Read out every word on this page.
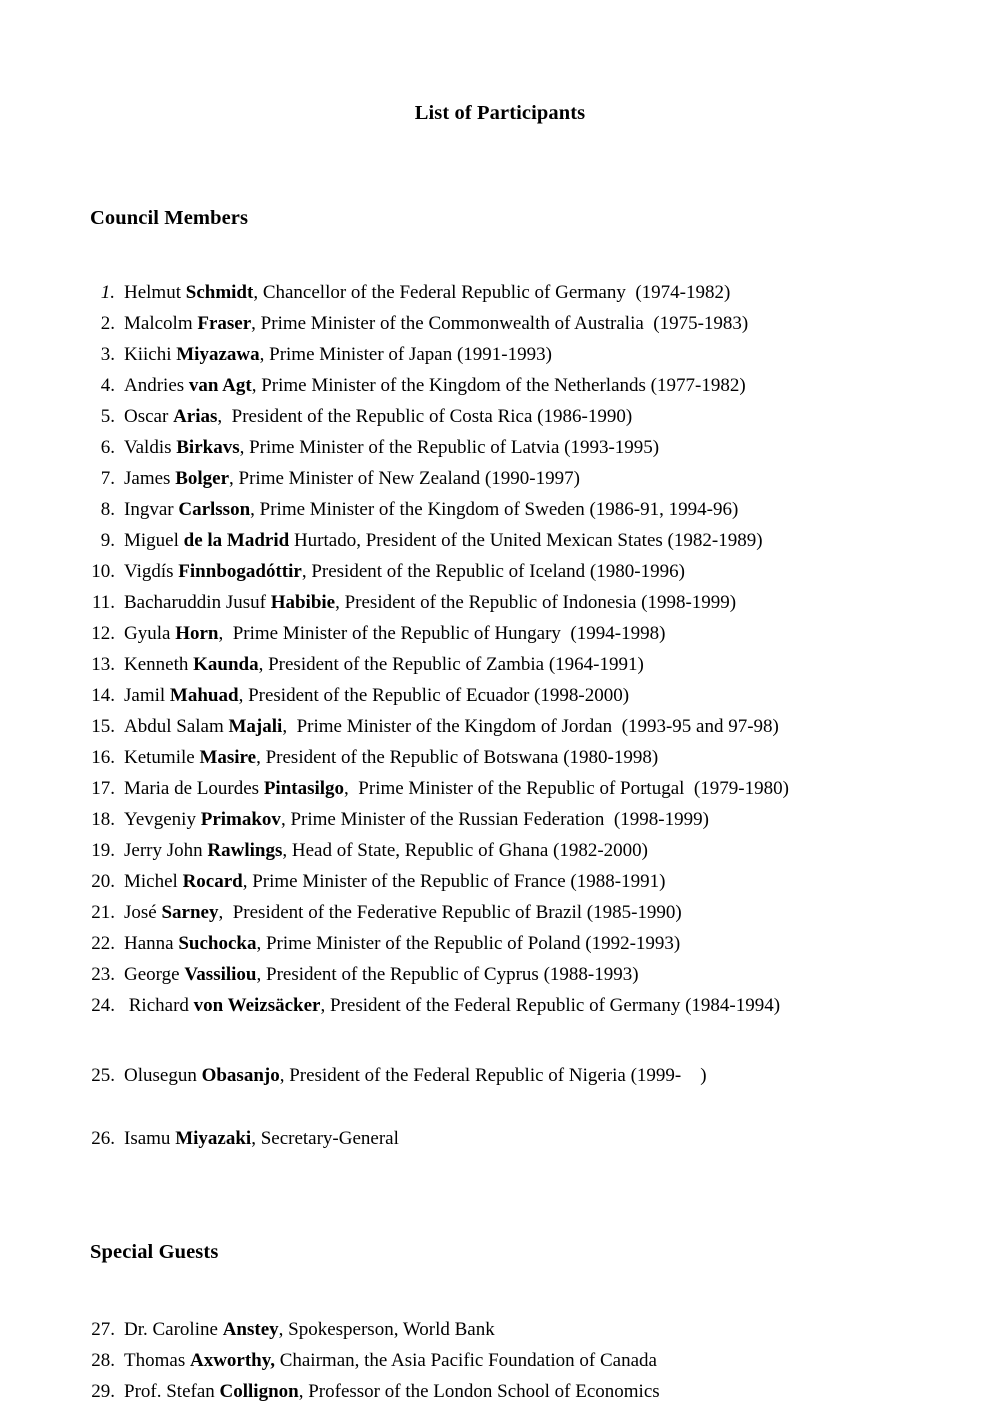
List of Participants
Council Members
1. Helmut Schmidt, Chancellor of the Federal Republic of Germany  (1974-1982)
2. Malcolm Fraser, Prime Minister of the Commonwealth of Australia  (1975-1983)
3. Kiichi Miyazawa, Prime Minister of Japan (1991-1993)
4. Andries van Agt, Prime Minister of the Kingdom of the Netherlands (1977-1982)
5. Oscar Arias,  President of the Republic of Costa Rica (1986-1990)
6. Valdis Birkavs, Prime Minister of the Republic of Latvia (1993-1995)
7. James Bolger, Prime Minister of New Zealand (1990-1997)
8. Ingvar Carlsson, Prime Minister of the Kingdom of Sweden (1986-91, 1994-96)
9. Miguel de la Madrid Hurtado, President of the United Mexican States (1982-1989)
10. Vigdís Finnbogadóttir, President of the Republic of Iceland (1980-1996)
11. Bacharuddin Jusuf Habibie, President of the Republic of Indonesia (1998-1999)
12. Gyula Horn,  Prime Minister of the Republic of Hungary  (1994-1998)
13. Kenneth Kaunda, President of the Republic of Zambia (1964-1991)
14. Jamil Mahuad, President of the Republic of Ecuador (1998-2000)
15. Abdul Salam Majali,  Prime Minister of the Kingdom of Jordan  (1993-95 and 97-98)
16. Ketumile Masire, President of the Republic of Botswana (1980-1998)
17. Maria de Lourdes Pintasilgo,  Prime Minister of the Republic of Portugal  (1979-1980)
18. Yevgeniy Primakov, Prime Minister of the Russian Federation  (1998-1999)
19. Jerry John Rawlings, Head of State, Republic of Ghana (1982-2000)
20. Michel Rocard, Prime Minister of the Republic of France (1988-1991)
21. José Sarney,  President of the Federative Republic of Brazil (1985-1990)
22. Hanna Suchocka, Prime Minister of the Republic of Poland (1992-1993)
23. George Vassiliou, President of the Republic of Cyprus (1988-1993)
24. Richard von Weizsäcker, President of the Federal Republic of Germany (1984-1994)
25. Olusegun Obasanjo, President of the Federal Republic of Nigeria (1999-    )
26. Isamu Miyazaki, Secretary-General
Special Guests
27. Dr. Caroline Anstey, Spokesperson, World Bank
28. Thomas Axworthy, Chairman, the Asia Pacific Foundation of Canada
29. Prof. Stefan Collignon, Professor of the London School of Economics
